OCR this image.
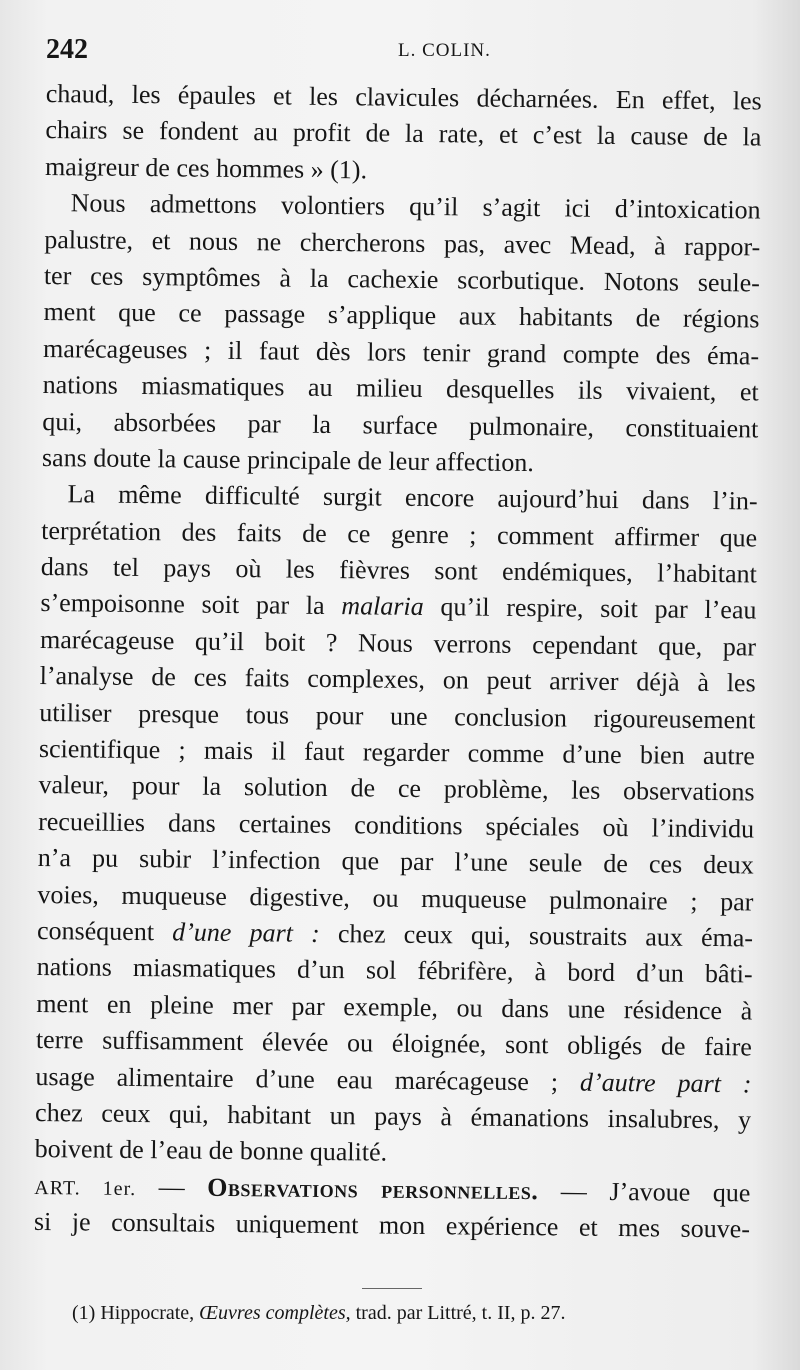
242	L. COLIN.
chaud, les épaules et les clavicules décharnées. En effet, les
chairs se fondent au profit de la rate, et c’est la cause de la
maigreur de ces hommes » (1).
Nous admettons volontiers qu’il s’agit ici d’intoxication
palustre, et nous ne chercherons pas, avec Mead, à rappor-
ter ces symptômes à la cachexie scorbutique. Notons seule-
ment que ce passage s’applique aux habitants de régions
marécageuses ; il faut dès lors tenir grand compte des éma-
nations miasmatiques au milieu desquelles ils vivaient, et
qui, absorbées par la surface pulmonaire, constituaient
sans doute la cause principale de leur affection.
La même difficulté surgit encore aujourd’hui dans l’in-
terprétation des faits de ce genre ; comment affirmer que
dans tel pays où les fièvres sont endémiques, l’habitant
s’empoisonne soit par la malaria qu’il respire, soit par l’eau
marécageuse qu’il boit ? Nous verrons cependant que, par
l’analyse de ces faits complexes, on peut arriver déjà à les
utiliser presque tous pour une conclusion rigoureusement
scientifique ; mais il faut regarder comme d’une bien autre
valeur, pour la solution de ce problème, les observations
recueillies dans certaines conditions spéciales où l’individu
n’a pu subir l’infection que par l’une seule de ces deux
voies, muqueuse digestive, ou muqueuse pulmonaire ; par
conséquent d’une part : chez ceux qui, soustraits aux éma-
nations miasmatiques d’un sol fébrifère, à bord d’un bâti-
ment en pleine mer par exemple, ou dans une résidence à
terre suffisamment élevée ou éloignée, sont obligés de faire
usage alimentaire d’une eau marécageuse ; d’autre part :
chez ceux qui, habitant un pays à émanations insalubres, y
boivent de l’eau de bonne qualité.
ART. 1er. — Observations personnelles. — J’avoue que
si je consultais uniquement mon expérience et mes souve-
(1) Hippocrate, Œuvres complètes, trad. par Littré, t. II, p. 27.
